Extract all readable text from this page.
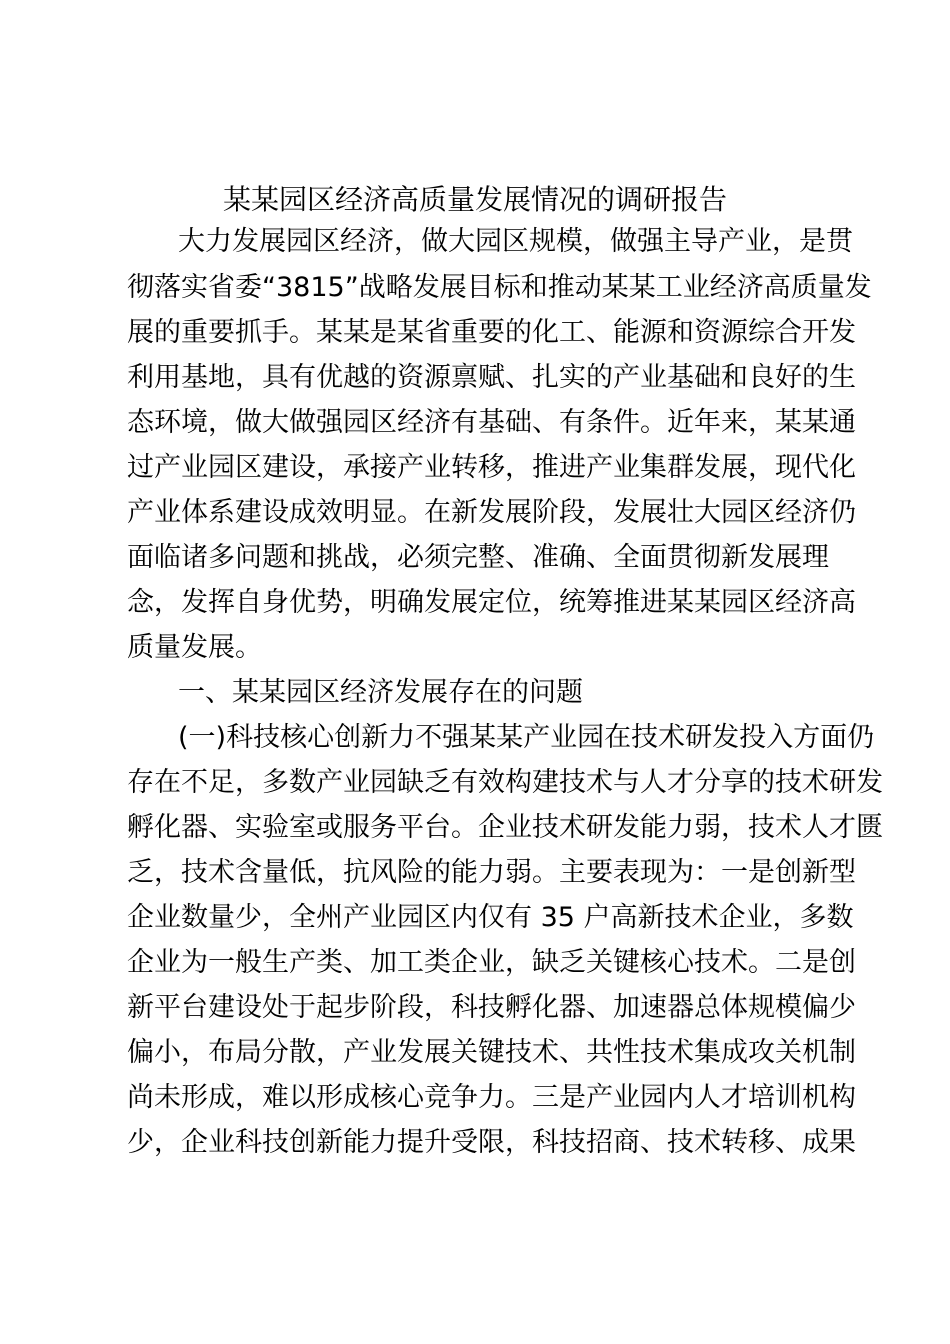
某某园区经济高质量发展情况的调研报告
大力发展园区经济，做大园区规模，做强主导产业，是贯
彻落实省委“3815”战略发展目标和推动某某工业经济高质量发
展的重要抓手。某某是某省重要的化工、能源和资源综合开发
利用基地，具有优越的资源禀赋、扎实的产业基础和良好的生
态环境，做大做强园区经济有基础、有条件。近年来，某某通
过产业园区建设，承接产业转移，推进产业集群发展，现代化
产业体系建设成效明显。在新发展阶段，发展壮大园区经济仍
面临诸多问题和挑战，必须完整、准确、全面贯彻新发展理
念，发挥自身优势，明确发展定位，统筹推进某某园区经济高
质量发展。
一、某某园区经济发展存在的问题
(一)科技核心创新力不强某某产业园在技术研发投入方面仍
存在不足，多数产业园缺乏有效构建技术与人才分享的技术研发
孵化器、实验室或服务平台。企业技术研发能力弱，技术人才匮
乏，技术含量低，抗风险的能力弱。主要表现为：一是创新型
企业数量少，全州产业园区内仅有 35 户高新技术企业，多数
企业为一般生产类、加工类企业，缺乏关键核心技术。二是创
新平台建设处于起步阶段，科技孵化器、加速器总体规模偏少
偏小，布局分散，产业发展关键技术、共性技术集成攻关机制
尚未形成，难以形成核心竞争力。三是产业园内人才培训机构
少，企业科技创新能力提升受限，科技招商、技术转移、成果
